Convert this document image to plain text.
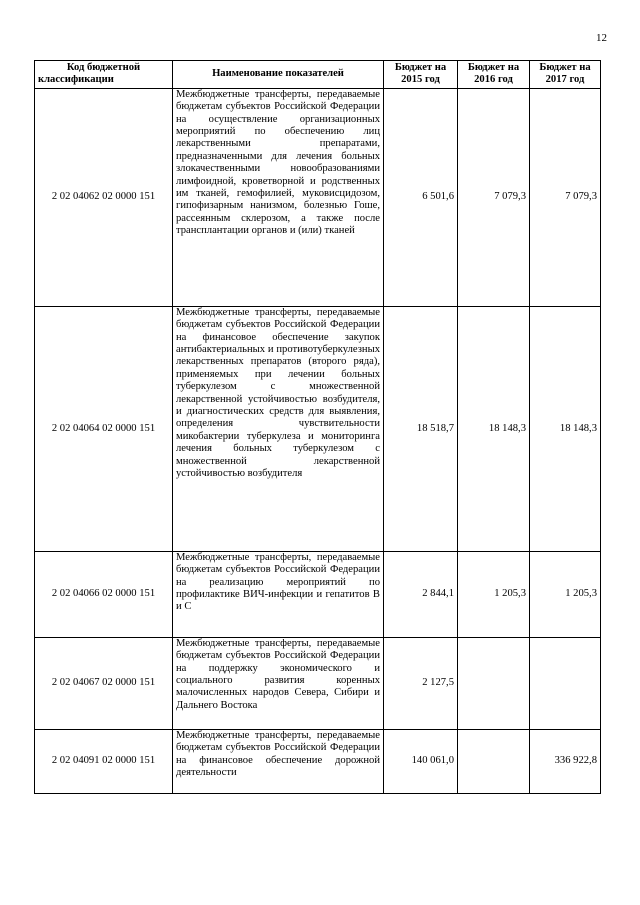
12
Код бюджетной классификации	Наименование показателей	Бюджет на 2015 год	Бюджет на 2016 год	Бюджет на 2017 год
2 02 04062 02 0000 151	Межбюджетные трансферты, передаваемые бюджетам субъектов Российской Федерации на осуществление организационных мероприятий по обеспечению лиц лекарственными препаратами, предназначенными для лечения больных злокачественными новообразованиями лимфоидной, кроветворной и родственных им тканей, гемофилией, муковисцидозом, гипофизарным нанизмом, болезнью Гоше, рассеянным склерозом, а также после трансплантации органов и (или) тканей	6 501,6	7 079,3	7 079,3
2 02 04064 02 0000 151	Межбюджетные трансферты, передаваемые бюджетам субъектов Российской Федерации на финансовое обеспечение закупок антибактериальных и противотуберкулезных лекарственных препаратов (второго ряда), применяемых при лечении больных туберкулезом с множественной лекарственной устойчивостью возбудителя, и диагностических средств для выявления, определения чувствительности микобактерии туберкулеза и мониторинга лечения больных туберкулезом с множественной лекарственной устойчивостью возбудителя	18 518,7	18 148,3	18 148,3
2 02 04066 02 0000 151	Межбюджетные трансферты, передаваемые бюджетам субъектов Российской Федерации на реализацию мероприятий по профилактике ВИЧ-инфекции и гепатитов B и C	2 844,1	1 205,3	1 205,3
2 02 04067 02 0000 151	Межбюджетные трансферты, передаваемые бюджетам субъектов Российской Федерации на поддержку экономического и социального развития коренных малочисленных народов Севера, Сибири и Дальнего Востока	2 127,5		
2 02 04091 02 0000 151	Межбюджетные трансферты, передаваемые бюджетам субъектов Российской Федерации на финансовое обеспечение дорожной деятельности	140 061,0		336 922,8
